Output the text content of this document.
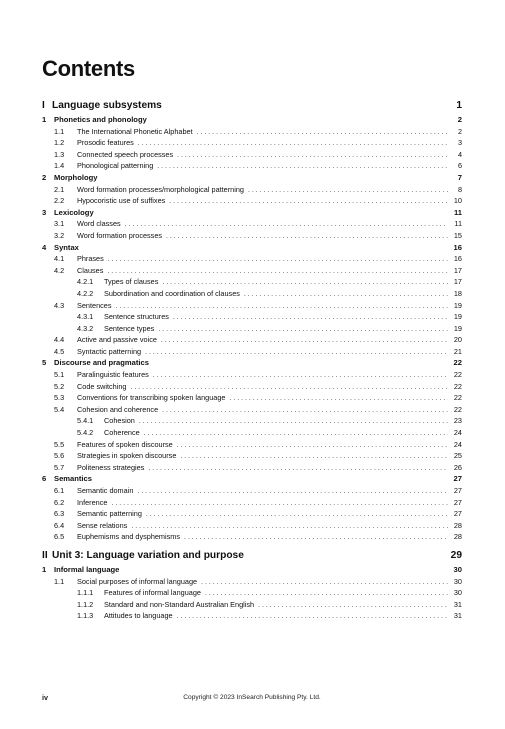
Contents
I Language subsystems	1
1	Phonetics and phonology	2
1.1	The International Phonetic Alphabet . . .	2
1.2	Prosodic features . . .	3
1.3	Connected speech processes . . .	4
1.4	Phonological patterning . . .	6
2	Morphology	7
2.1	Word formation processes/morphological patterning . . .	8
2.2	Hypocoristic use of suffixes . . .	10
3	Lexicology	11
3.1	Word classes . . .	11
3.2	Word formation processes . . .	15
4	Syntax	16
4.1	Phrases . . .	16
4.2	Clauses . . .	17
4.2.1	Types of clauses . . .	17
4.2.2	Subordination and coordination of clauses . . .	18
4.3	Sentences . . .	19
4.3.1	Sentence structures . . .	19
4.3.2	Sentence types . . .	19
4.4	Active and passive voice . . .	20
4.5	Syntactic patterning . . .	21
5	Discourse and pragmatics	22
5.1	Paralinguistic features . . .	22
5.2	Code switching . . .	22
5.3	Conventions for transcribing spoken language . . .	22
5.4	Cohesion and coherence . . .	22
5.4.1	Cohesion . . .	23
5.4.2	Coherence . . .	24
5.5	Features of spoken discourse . . .	24
5.6	Strategies in spoken discourse . . .	25
5.7	Politeness strategies . . .	26
6	Semantics	27
6.1	Semantic domain . . .	27
6.2	Inference . . .	27
6.3	Semantic patterning . . .	27
6.4	Sense relations . . .	28
6.5	Euphemisms and dysphemisms . . .	28
II Unit 3: Language variation and purpose	29
1	Informal language	30
1.1	Social purposes of informal language . . .	30
1.1.1	Features of informal language . . .	30
1.1.2	Standard and non-Standard Australian English . . .	31
1.1.3	Attitudes to language . . .	31
iv	Copyright © 2023 InSearch Publishing Pty. Ltd.
